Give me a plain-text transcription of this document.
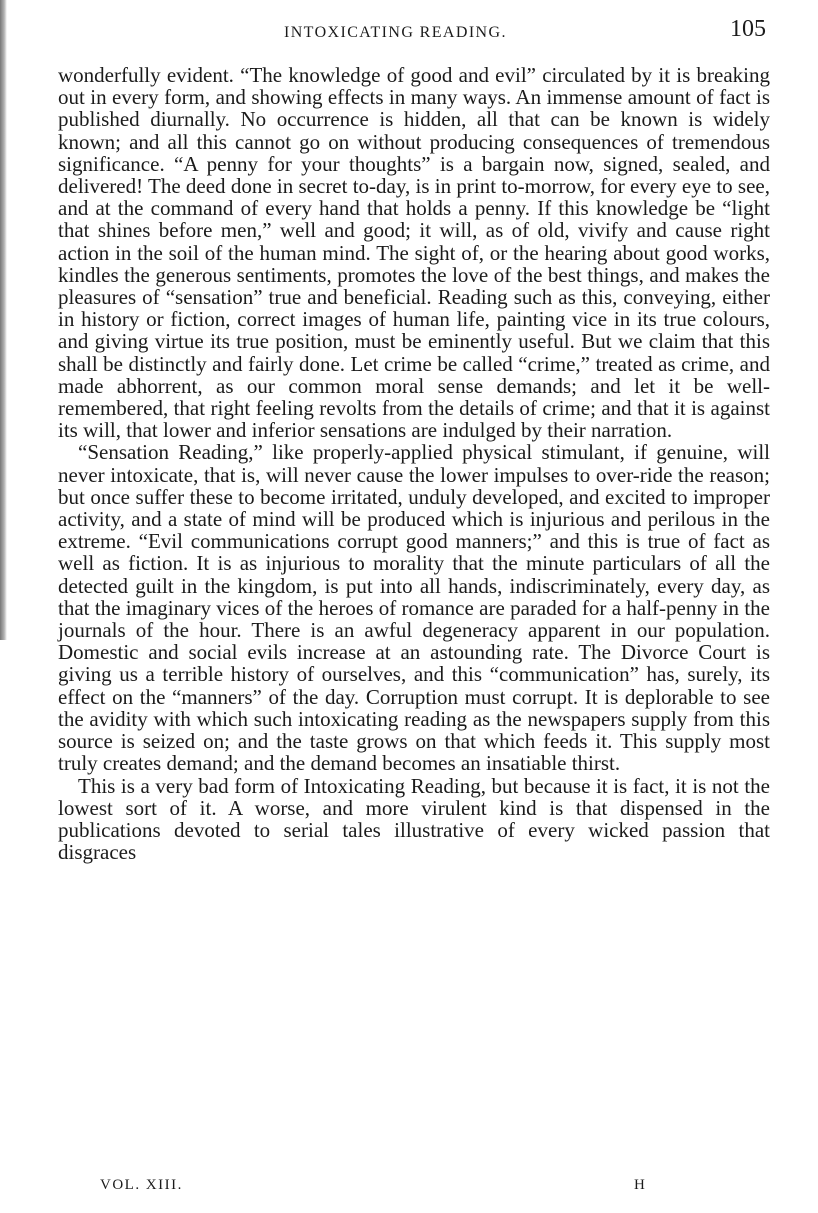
INTOXICATING READING.	105

wonderfully evident. “The knowledge of good and evil” circulated by it is breaking out in every form, and showing effects in many ways. An immense amount of fact is published diurnally. No occurrence is hidden, all that can be known is widely known; and all this cannot go on without producing consequences of tremendous significance. “A penny for your thoughts” is a bargain now, signed, sealed, and delivered! The deed done in secret to-day, is in print to-morrow, for every eye to see, and at the command of every hand that holds a penny. If this knowledge be “light that shines before men,” well and good; it will, as of old, vivify and cause right action in the soil of the human mind. The sight of, or the hearing about good works, kindles the generous sentiments, promotes the love of the best things, and makes the pleasures of “sensation” true and beneficial. Reading such as this, conveying, either in history or fiction, correct images of human life, painting vice in its true colours, and giving virtue its true position, must be eminently useful. But we claim that this shall be distinctly and fairly done. Let crime be called “crime,” treated as crime, and made abhorrent, as our common moral sense demands; and let it be well-remembered, that right feeling revolts from the details of crime; and that it is against its will, that lower and inferior sensations are indulged by their narration.

“Sensation Reading,” like properly-applied physical stimulant, if genuine, will never intoxicate, that is, will never cause the lower impulses to over-ride the reason; but once suffer these to become irritated, unduly developed, and excited to improper activity, and a state of mind will be produced which is injurious and perilous in the extreme. “Evil communications corrupt good manners;” and this is true of fact as well as fiction. It is as injurious to morality that the minute particulars of all the detected guilt in the kingdom, is put into all hands, indiscriminately, every day, as that the imaginary vices of the heroes of romance are paraded for a half-penny in the journals of the hour. There is an awful degeneracy apparent in our population. Domestic and social evils increase at an astounding rate. The Divorce Court is giving us a terrible history of ourselves, and this “communication” has, surely, its effect on the “manners” of the day. Corruption must corrupt. It is deplorable to see the avidity with which such intoxicating reading as the newspapers supply from this source is seized on; and the taste grows on that which feeds it. This supply most truly creates demand; and the demand becomes an insatiable thirst.

This is a very bad form of Intoxicating Reading, but because it is fact, it is not the lowest sort of it. A worse, and more virulent kind is that dispensed in the publications devoted to serial tales illustrative of every wicked passion that disgraces

VOL. XIII.	H
